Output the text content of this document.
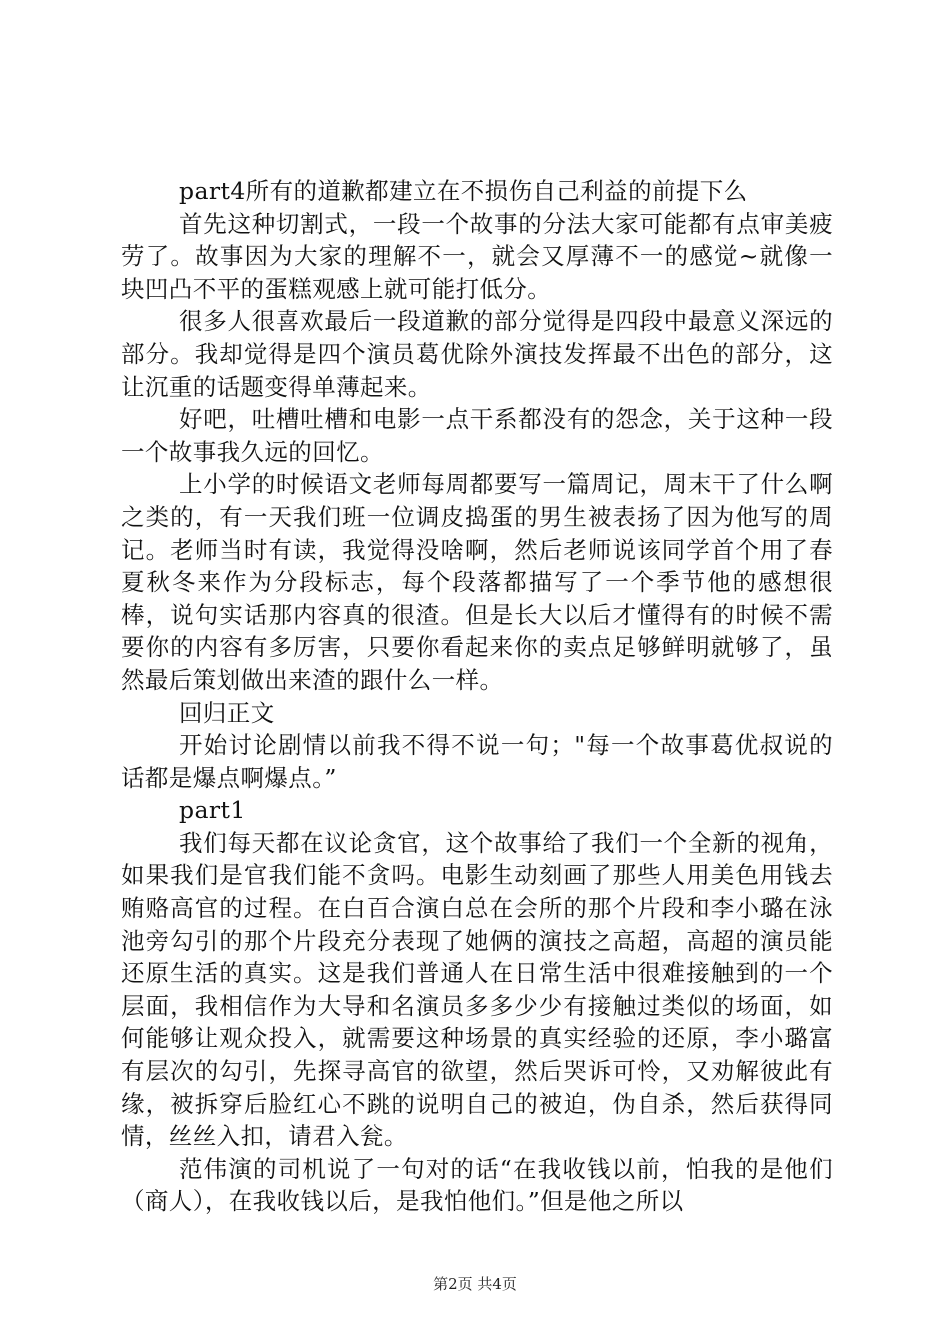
part4所有的道歉都建立在不损伤自己利益的前提下么

首先这种切割式，一段一个故事的分法大家可能都有点审美疲劳了。故事因为大家的理解不一，就会又厚薄不一的感觉~就像一块凹凸不平的蛋糕观感上就可能打低分。

很多人很喜欢最后一段道歉的部分觉得是四段中最意义深远的部分。我却觉得是四个演员葛优除外演技发挥最不出色的部分，这让沉重的话题变得单薄起来。

好吧，吐槽吐槽和电影一点干系都没有的怨念，关于这种一段一个故事我久远的回忆。

上小学的时候语文老师每周都要写一篇周记，周末干了什么啊之类的，有一天我们班一位调皮捣蛋的男生被表扬了因为他写的周记。老师当时有读，我觉得没啥啊，然后老师说该同学首个用了春夏秋冬来作为分段标志，每个段落都描写了一个季节他的感想很棒，说句实话那内容真的很渣。但是长大以后才懂得有的时候不需要你的内容有多厉害，只要你看起来你的卖点足够鲜明就够了，虽然最后策划做出来渣的跟什么一样。

回归正文

开始讨论剧情以前我不得不说一句；"每一个故事葛优叔说的话都是爆点啊爆点。”

part1

我们每天都在议论贪官，这个故事给了我们一个全新的视角，如果我们是官我们能不贪吗。电影生动刻画了那些人用美色用钱去贿赂高官的过程。在白百合演白总在会所的那个片段和李小璐在泳池旁勾引的那个片段充分表现了她俩的演技之高超，高超的演员能还原生活的真实。这是我们普通人在日常生活中很难接触到的一个层面，我相信作为大导和名演员多多少少有接触过类似的场面，如何能够让观众投入，就需要这种场景的真实经验的还原，李小璐富有层次的勾引，先探寻高官的欲望，然后哭诉可怜，又劝解彼此有缘，被拆穿后脸红心不跳的说明自己的被迫，伪自杀，然后获得同情，丝丝入扣，请君入瓮。

范伟演的司机说了一句对的话“在我收钱以前，怕我的是他们（商人），在我收钱以后，是我怕他们。”但是他之所以

第2页 共4页
